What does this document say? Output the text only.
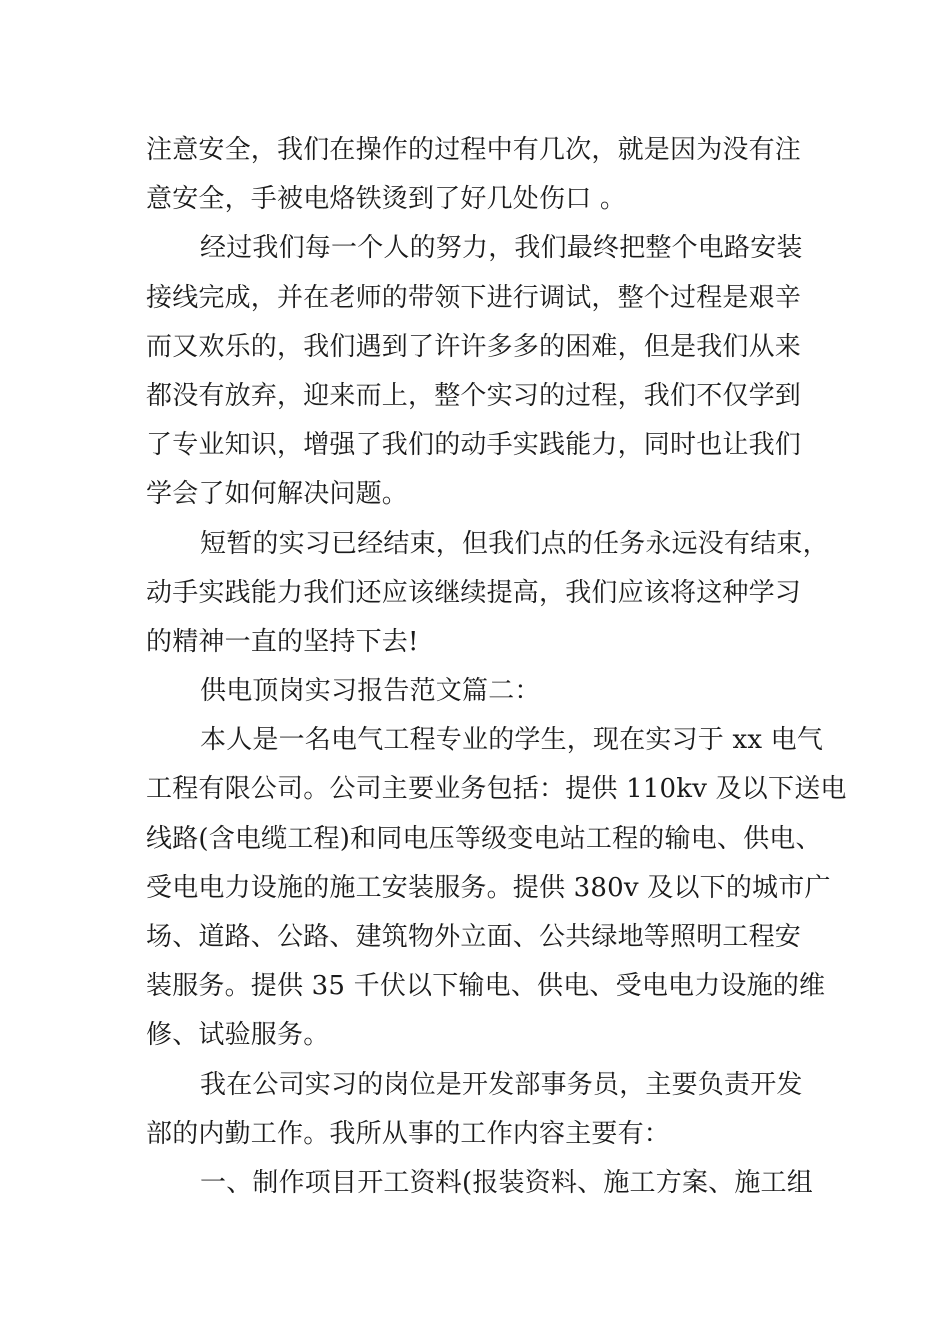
注意安全，我们在操作的过程中有几次，就是因为没有注
意安全，手被电烙铁烫到了好几处伤口 。

经过我们每一个人的努力，我们最终把整个电路安装
接线完成，并在老师的带领下进行调试，整个过程是艰辛
而又欢乐的，我们遇到了许许多多的困难，但是我们从来
都没有放弃，迎来而上，整个实习的过程，我们不仅学到
了专业知识，增强了我们的动手实践能力，同时也让我们
学会了如何解决问题。

短暂的实习已经结束，但我们点的任务永远没有结束，
动手实践能力我们还应该继续提高，我们应该将这种学习
的精神一直的坚持下去!

供电顶岗实习报告范文篇二：

本人是一名电气工程专业的学生，现在实习于 xx 电气
工程有限公司。公司主要业务包括：提供 110kv 及以下送电
线路(含电缆工程)和同电压等级变电站工程的输电、供电、
受电电力设施的施工安装服务。提供 380v 及以下的城市广
场、道路、公路、建筑物外立面、公共绿地等照明工程安
装服务。提供 35 千伏以下输电、供电、受电电力设施的维
修、试验服务。

我在公司实习的岗位是开发部事务员，主要负责开发
部的内勤工作。我所从事的工作内容主要有：

一、制作项目开工资料(报装资料、施工方案、施工组
